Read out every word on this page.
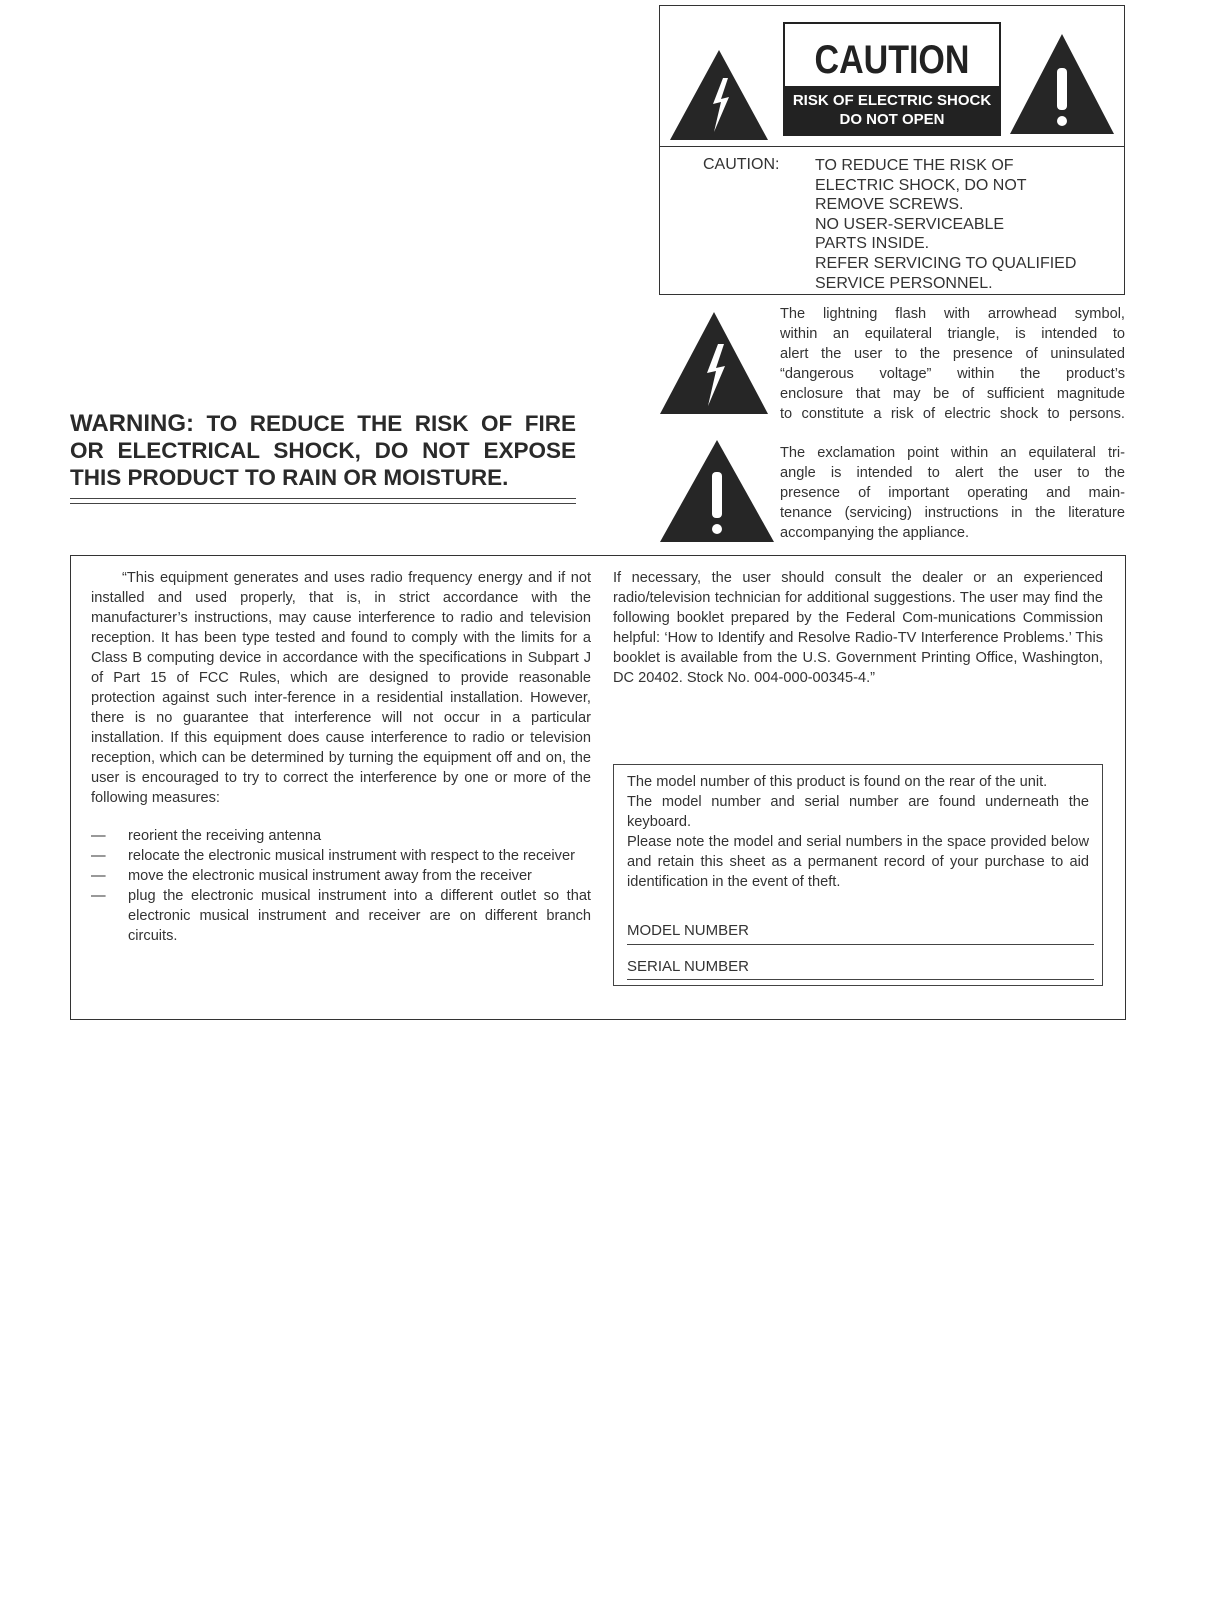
CAUTION
RISK OF ELECTRIC SHOCK
DO NOT OPEN
CAUTION: TO REDUCE THE RISK OF
ELECTRIC SHOCK, DO NOT
REMOVE SCREWS.
NO USER-SERVICEABLE
PARTS INSIDE.
REFER SERVICING TO QUALIFIED
SERVICE PERSONNEL.
The lightning flash with arrowhead symbol,
within an equilateral triangle, is intended to
alert the user to the presence of uninsulated
“dangerous voltage” within the product’s
enclosure that may be of sufficient magnitude
to constitute a risk of electric shock to persons.
The exclamation point within an equilateral tri-
angle is intended to alert the user to the
presence of important operating and main-
tenance (servicing) instructions in the literature
accompanying the appliance.
WARNING: TO REDUCE THE RISK OF FIRE OR ELECTRICAL SHOCK, DO NOT EXPOSE THIS PRODUCT TO RAIN OR MOISTURE.
“This equipment generates and uses radio frequency energy and if not installed and used properly, that is, in strict accordance with the manufacturer’s instructions, may cause interference to radio and television reception. It has been type tested and found to comply with the limits for a Class B computing device in accordance with the specifications in Subpart J of Part 15 of FCC Rules, which are designed to provide reasonable protection against such inter-ference in a residential installation. However, there is no guarantee that interference will not occur in a particular installation. If this equipment does cause interference to radio or television reception, which can be determined by turning the equipment off and on, the user is encouraged to try to correct the interference by one or more of the following measures:
— reorient the receiving antenna
— relocate the electronic musical instrument with respect to the receiver
— move the electronic musical instrument away from the receiver
— plug the electronic musical instrument into a different outlet so that electronic musical instrument and receiver are on different branch circuits.
If necessary, the user should consult the dealer or an experienced radio/television technician for additional suggestions. The user may find the following booklet prepared by the Federal Com-munications Commission helpful: ‘How to Identify and Resolve Radio-TV Interference Problems.’ This booklet is available from the U.S. Government Printing Office, Washington, DC 20402. Stock No. 004-000-00345-4.”
The model number of this product is found on the rear of the unit.
The model number and serial number are found underneath the keyboard.
Please note the model and serial numbers in the space provided below and retain this sheet as a permanent record of your purchase to aid identification in the event of theft.
MODEL NUMBER
SERIAL NUMBER
